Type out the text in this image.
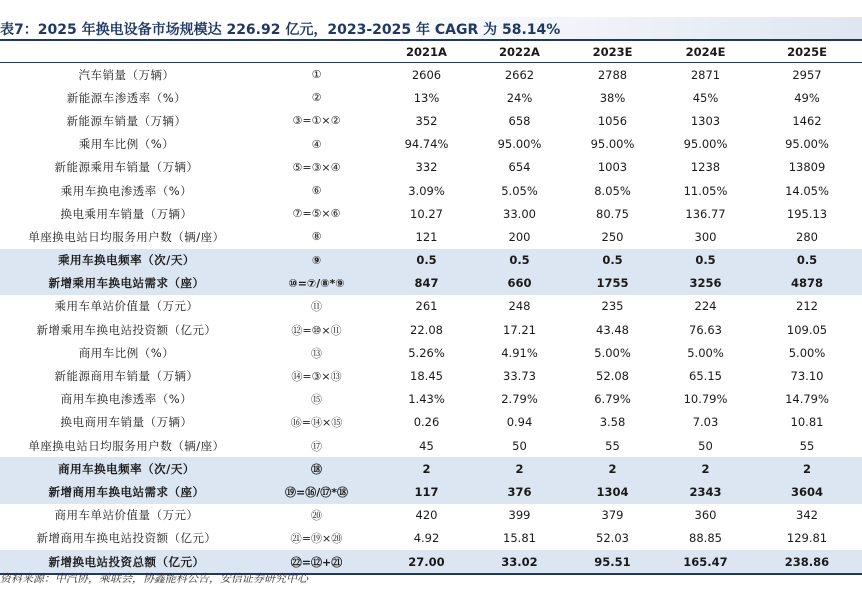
表7：2025 年换电设备市场规模达 226.92 亿元，2023-2025 年 CAGR 为 58.14%
		2021A	2022A	2023E	2024E	2025E
汽车销量（万辆）	①	2606	2662	2788	2871	2957
新能源车渗透率（%）	②	13%	24%	38%	45%	49%
新能源车销量（万辆）	③=①×②	352	658	1056	1303	1462
乘用车比例（%）	④	94.74%	95.00%	95.00%	95.00%	95.00%
新能源乘用车销量（万辆）	⑤=③×④	332	654	1003	1238	13809
乘用车换电渗透率（%）	⑥	3.09%	5.05%	8.05%	11.05%	14.05%
换电乘用车销量（万辆）	⑦=⑤×⑥	10.27	33.00	80.75	136.77	195.13
单座换电站日均服务用户数（辆/座）	⑧	121	200	250	300	280
乘用车换电频率（次/天）	⑨	0.5	0.5	0.5	0.5	0.5
新增乘用车换电站需求（座）	⑩=⑦/⑧*⑨	847	660	1755	3256	4878
乘用车单站价值量（万元）	⑪	261	248	235	224	212
新增乘用车换电站投资额（亿元）	⑫=⑩×⑪	22.08	17.21	43.48	76.63	109.05
商用车比例（%）	⑬	5.26%	4.91%	5.00%	5.00%	5.00%
新能源商用车销量（万辆）	⑭=③×⑬	18.45	33.73	52.08	65.15	73.10
商用车换电渗透率（%）	⑮	1.43%	2.79%	6.79%	10.79%	14.79%
换电商用车销量（万辆）	⑯=⑭×⑮	0.26	0.94	3.58	7.03	10.81
单座换电站日均服务用户数（辆/座）	⑰	45	50	55	50	55
商用车换电频率（次/天）	⑱	2	2	2	2	2
新增商用车换电站需求（座）	⑲=⑯/⑰*⑱	117	376	1304	2343	3604
商用车单站价值量（万元）	⑳	420	399	379	360	342
新增商用车换电站投资额（亿元）	㉑=⑲×⑳	4.92	15.81	52.03	88.85	129.81
新增换电站投资总额（亿元）	㉒=⑫+㉑	27.00	33.02	95.51	165.47	238.86
资料来源：中汽协，乘联会，协鑫能科公告，安信证券研究中心
